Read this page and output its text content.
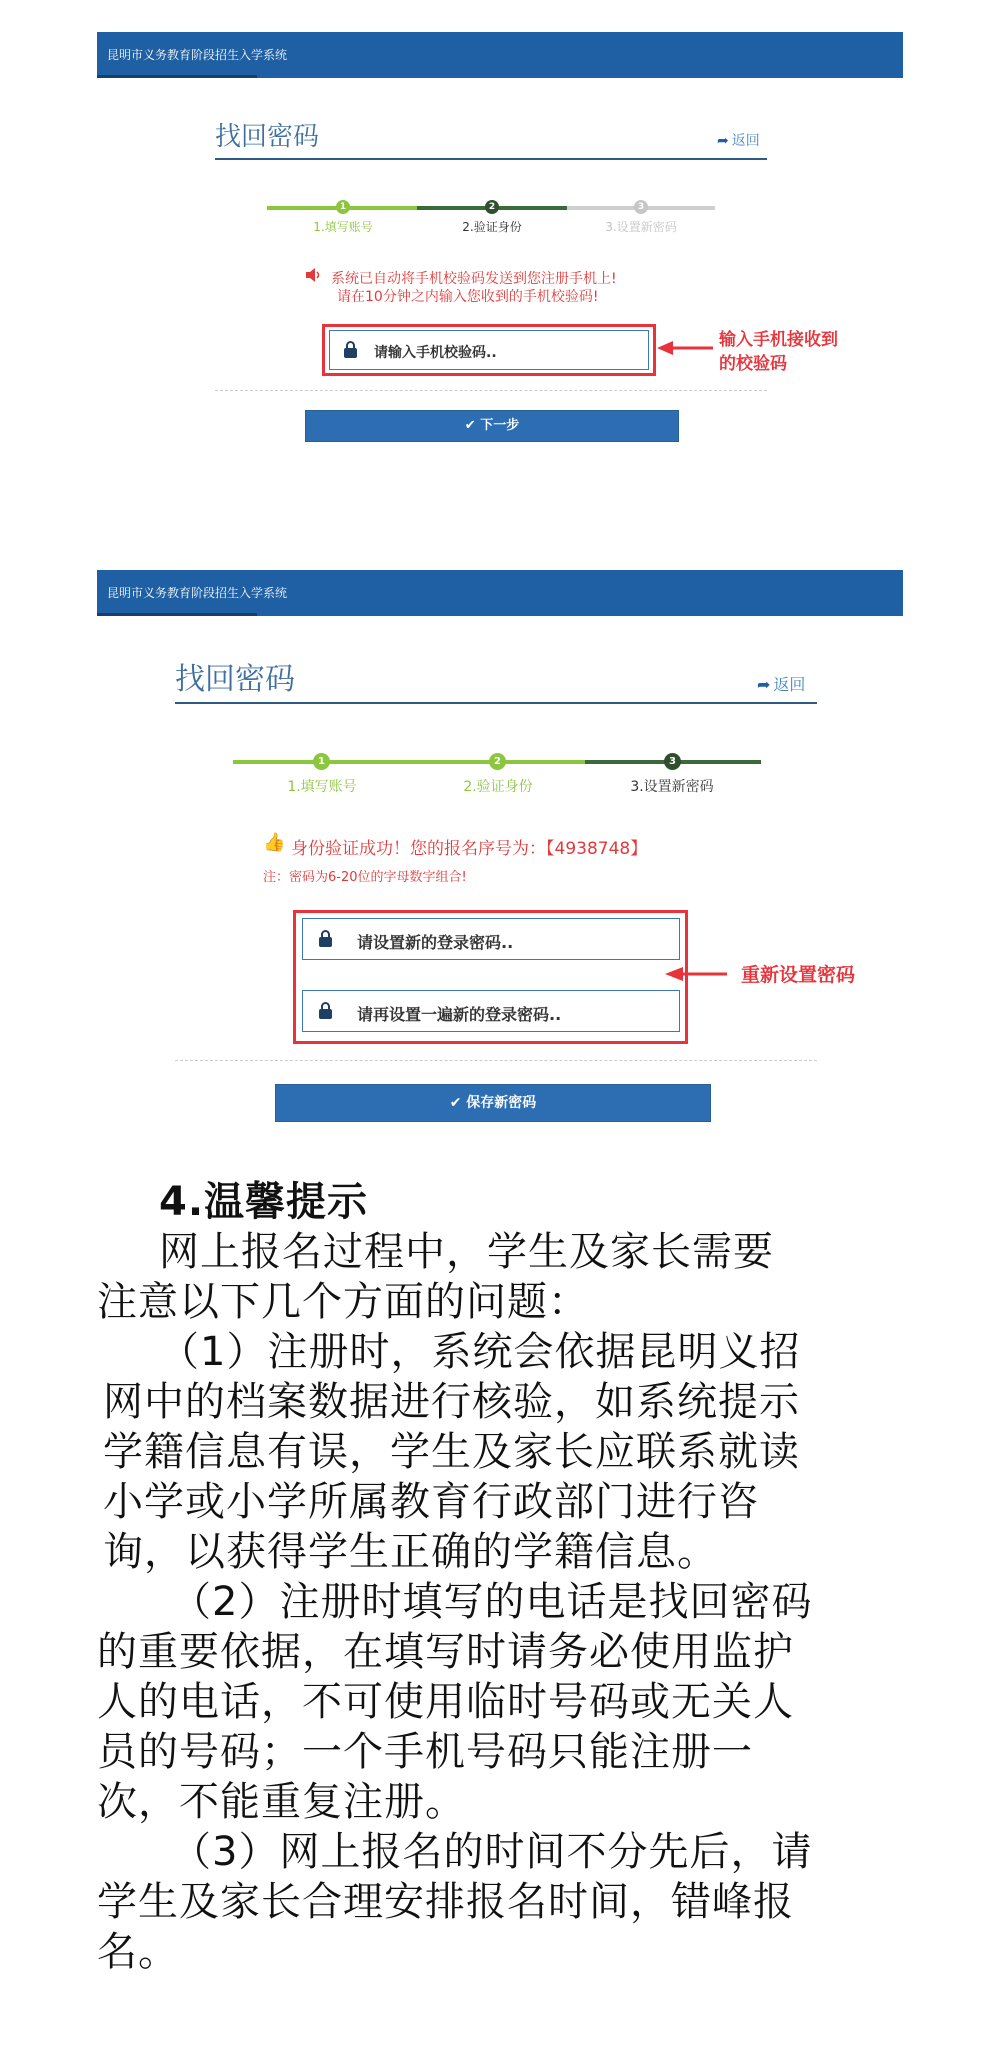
昆明市义务教育阶段招生入学系统
找回密码	➦ 返回
1	2	3
1.填写账号	2.验证身份	3.设置新密码
系统已自动将手机校验码发送到您注册手机上!
请在10分钟之内输入您收到的手机校验码!
请输入手机校验码..
输入手机接收到
的校验码
✔ 下一步
昆明市义务教育阶段招生入学系统
找回密码	➦ 返回
1	2	3
1.填写账号	2.验证身份	3.设置新密码
👍 身份验证成功！您的报名序号为：【4938748】
注：密码为6-20位的字母数字组合!
请设置新的登录密码..
请再设置一遍新的登录密码..
重新设置密码
✔ 保存新密码
4.温馨提示
网上报名过程中，学生及家长需要
注意以下几个方面的问题：
（1）注册时，系统会依据昆明义招
网中的档案数据进行核验，如系统提示
学籍信息有误，学生及家长应联系就读
小学或小学所属教育行政部门进行咨
询，以获得学生正确的学籍信息。
（2）注册时填写的电话是找回密码
的重要依据，在填写时请务必使用监护
人的电话，不可使用临时号码或无关人
员的号码；一个手机号码只能注册一
次，不能重复注册。
（3）网上报名的时间不分先后，请
学生及家长合理安排报名时间，错峰报
名。
